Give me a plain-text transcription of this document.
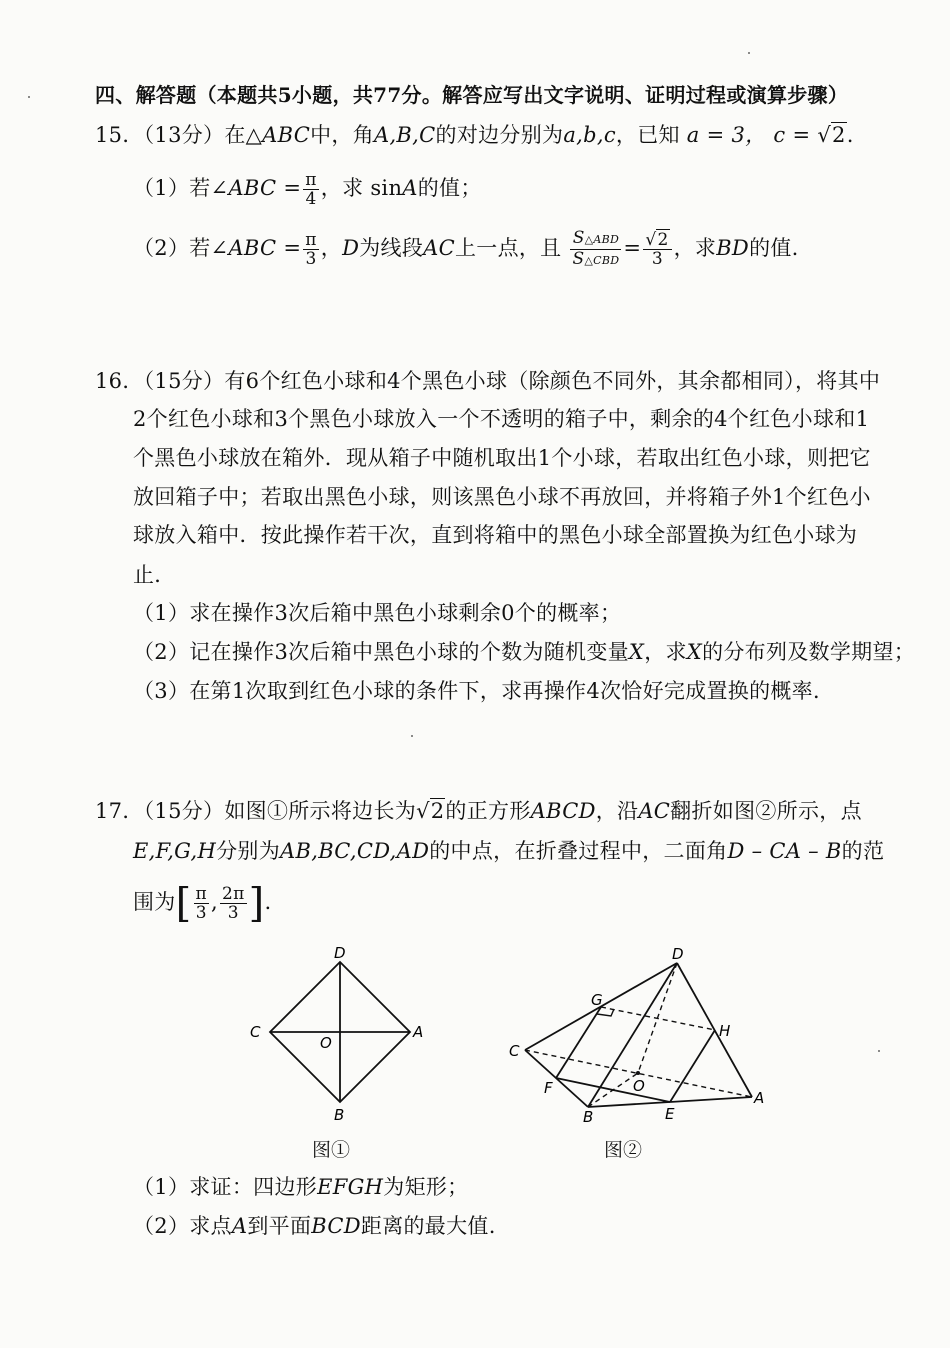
四、解答题（本题共5小题，共77分。解答应写出文字说明、证明过程或演算步骤）
15．（13分）在△ABC中，角A,B,C的对边分别为a,b,c，已知 a = 3， c = √2.
（1）若∠ABC = $\frac{\pi}{4}$ ，求 sinA的值；
（2）若∠ABC = $\frac{\pi}{3}$ ，D为线段AC上一点，且 $\frac{\text{S△ABD}}{\text{S△CBD}} = \frac{√2}{3}$ ，求BD的值.
16．（15分）有6个红色小球和4个黑色小球（除颜色不同外，其余都相同），将其中
2个红色小球和3个黑色小球放入一个不透明的箱子中，剩余的4个红色小球和1
个黑色小球放在箱外．现从箱子中随机取出1个小球，若取出红色小球，则把它
放回箱子中；若取出黑色小球，则该黑色小球不再放回，并将箱子外1个红色小
球放入箱中．按此操作若干次，直到将箱中的黑色小球全部置换为红色小球为
止．
（1）求在操作3次后箱中黑色小球剩余0个的概率；
（2）记在操作3次后箱中黑色小球的个数为随机变量X，求X的分布列及数学期望；
（3）在第1次取到红色小球的条件下，求再操作4次恰好完成置换的概率．
17．（15分）如图①所示将边长为√2的正方形ABCD，沿AC翻折如图②所示，点
E,F,G,H分别为AB,BC,CD,AD的中点，在折叠过程中，二面角D – CA – B的范
围为[ $\frac{\pi}{3}$ , $\frac{2\pi}{3}$ ].
D
A
C
B
O
图①
D
G
H
C
O
F
A
B	E
图②
（1）求证：四边形EFGH为矩形；
（2）求点A到平面BCD距离的最大值.
